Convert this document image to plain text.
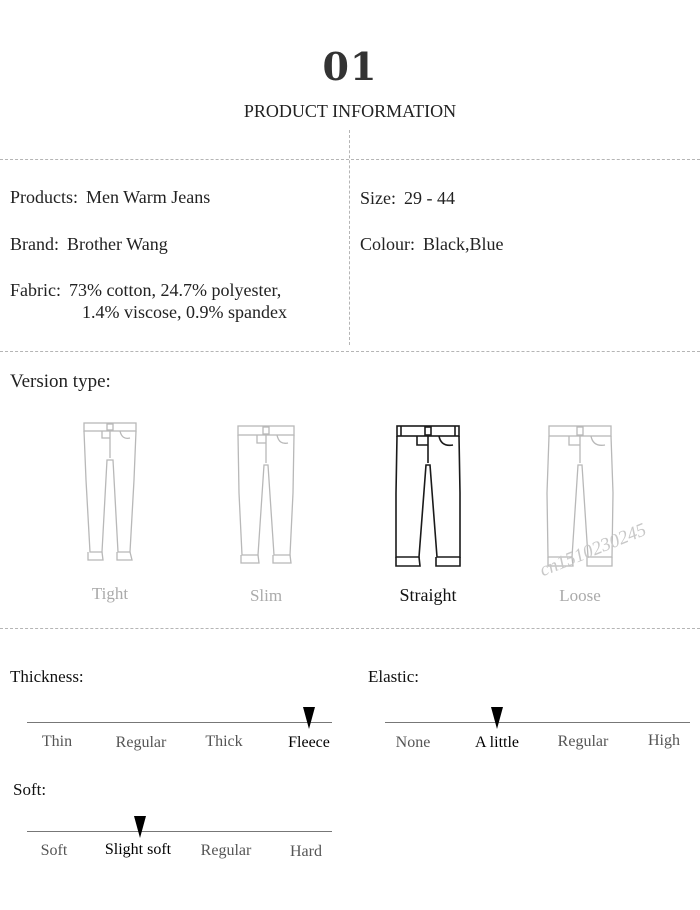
01
PRODUCT INFORMATION
Products: Men Warm Jeans
Brand: Brother Wang
Fabric: 73% cotton, 24.7% polyester,
1.4% viscose, 0.9% spandex
Size: 29 - 44
Colour: Black,Blue
Version type:
Tight	Slim	Straight	Loose
cn1510230245
Thickness:
Thin	Regular	Thick	Fleece
Elastic:
None	A little	Regular	High
Soft:
Soft	Slight soft	Regular	Hard
